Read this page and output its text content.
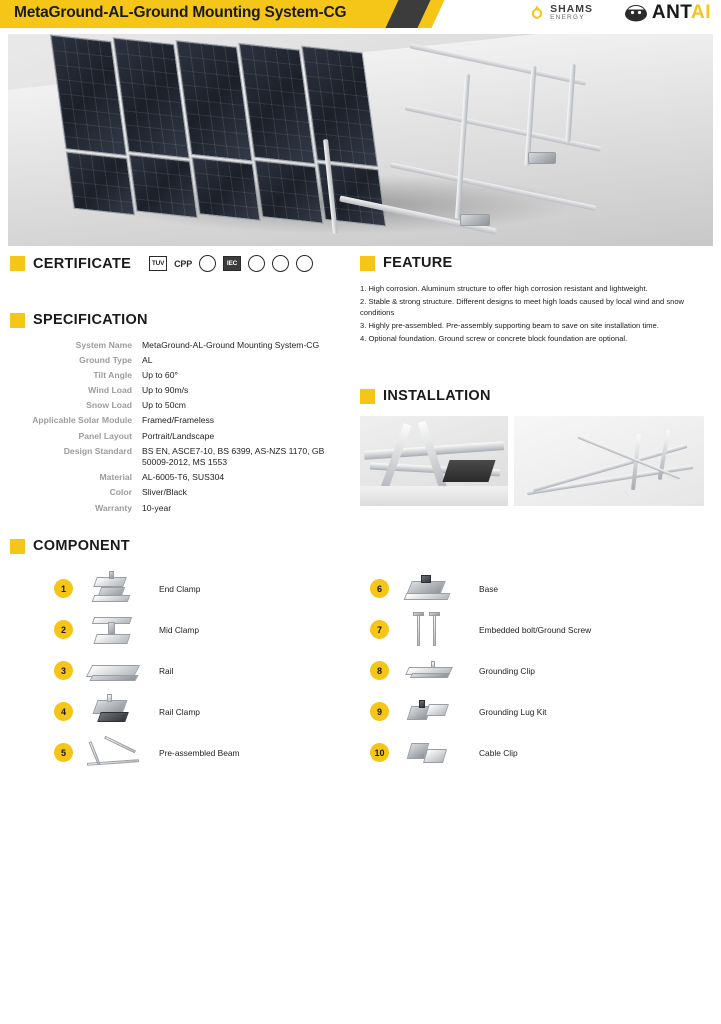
MetaGround-AL-Ground Mounting System-CG	SHAMS
ENERGY	ANTAI
CERTIFICATE	TUV	CPP	IEC
SPECIFICATION
System Name	MetaGround-AL-Ground Mounting System-CG
Ground Type	AL
Tilt Angle	Up to 60°
Wind Load	Up to 90m/s
Snow Load	Up to 50cm
Applicable Solar Module	Framed/Frameless
Panel Layout	Portrait/Landscape
Design Standard	BS EN, ASCE7-10, BS 6399, AS-NZS 1170, GB 50009-2012, MS 1553
Material	AL-6005-T6, SUS304
Color	Sliver/Black
Warranty	10-year
FEATURE
1. High corrosion. Aluminum structure to offer high corrosion resistant and lightweight.
2. Stable & strong structure. Different designs to meet high loads caused by local wind and snow conditions
3. Highly pre-assembled. Pre-assembly supporting beam to save on site installation time.
4. Optional foundation. Ground screw or concrete block foundation are optional.
INSTALLATION
COMPONENT
1	End Clamp
2	Mid Clamp
3	Rail
4	Rail Clamp
5	Pre-assembled Beam
6	Base
7	Embedded bolt/Ground Screw
8	Grounding Clip
9	Grounding Lug Kit
10	Cable Clip
